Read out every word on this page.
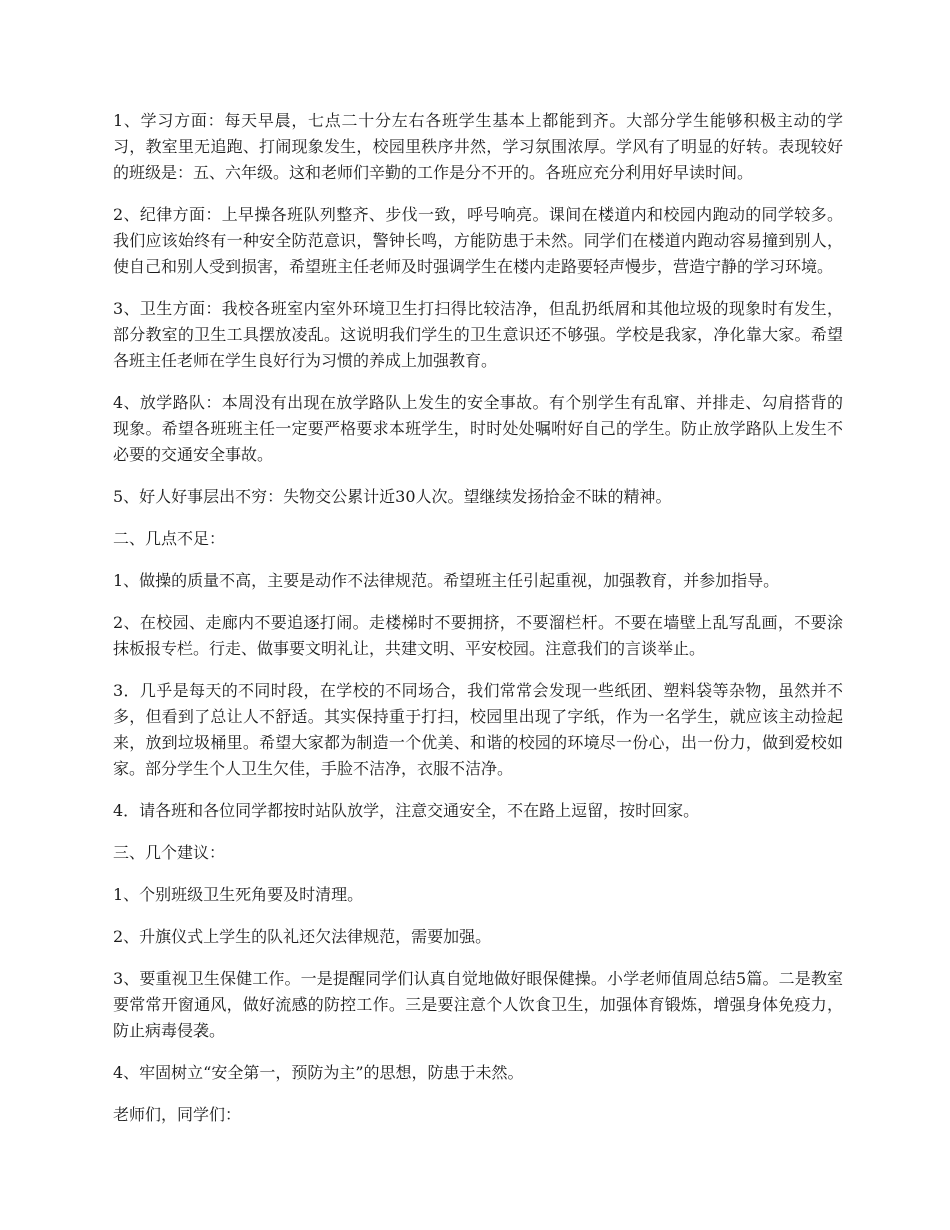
1、学习方面：每天早晨，七点二十分左右各班学生基本上都能到齐。大部分学生能够积极主动的学习，教室里无追跑、打闹现象发生，校园里秩序井然，学习氛围浓厚。学风有了明显的好转。表现较好的班级是：五、六年级。这和老师们辛勤的工作是分不开的。各班应充分利用好早读时间。

2、纪律方面：上早操各班队列整齐、步伐一致，呼号响亮。课间在楼道内和校园内跑动的同学较多。我们应该始终有一种安全防范意识，警钟长鸣，方能防患于未然。同学们在楼道内跑动容易撞到别人，使自己和别人受到损害，希望班主任老师及时强调学生在楼内走路要轻声慢步，营造宁静的学习环境。

3、卫生方面：我校各班室内室外环境卫生打扫得比较洁净，但乱扔纸屑和其他垃圾的现象时有发生，部分教室的卫生工具摆放凌乱。这说明我们学生的卫生意识还不够强。学校是我家，净化靠大家。希望各班主任老师在学生良好行为习惯的养成上加强教育。

4、放学路队：本周没有出现在放学路队上发生的安全事故。有个别学生有乱窜、并排走、勾肩搭背的现象。希望各班班主任一定要严格要求本班学生，时时处处嘱咐好自己的学生。防止放学路队上发生不必要的交通安全事故。

5、好人好事层出不穷：失物交公累计近30人次。望继续发扬拾金不昧的精神。

二、几点不足：

1、做操的质量不高，主要是动作不法律规范。希望班主任引起重视，加强教育，并参加指导。

2、在校园、走廊内不要追逐打闹。走楼梯时不要拥挤，不要溜栏杆。不要在墙壁上乱写乱画，不要涂抹板报专栏。行走、做事要文明礼让，共建文明、平安校园。注意我们的言谈举止。

3．几乎是每天的不同时段，在学校的不同场合，我们常常会发现一些纸团、塑料袋等杂物，虽然并不多，但看到了总让人不舒适。其实保持重于打扫，校园里出现了字纸，作为一名学生，就应该主动捡起来，放到垃圾桶里。希望大家都为制造一个优美、和谐的校园的环境尽一份心，出一份力，做到爱校如家。部分学生个人卫生欠佳，手脸不洁净，衣服不洁净。

4．请各班和各位同学都按时站队放学，注意交通安全，不在路上逗留，按时回家。

三、几个建议：

1、个别班级卫生死角要及时清理。

2、升旗仪式上学生的队礼还欠法律规范，需要加强。

3、要重视卫生保健工作。一是提醒同学们认真自觉地做好眼保健操。小学老师值周总结5篇。二是教室要常常开窗通风，做好流感的防控工作。三是要注意个人饮食卫生，加强体育锻炼，增强身体免疫力，防止病毒侵袭。

4、牢固树立“安全第一，预防为主”的思想，防患于未然。

老师们，同学们：
